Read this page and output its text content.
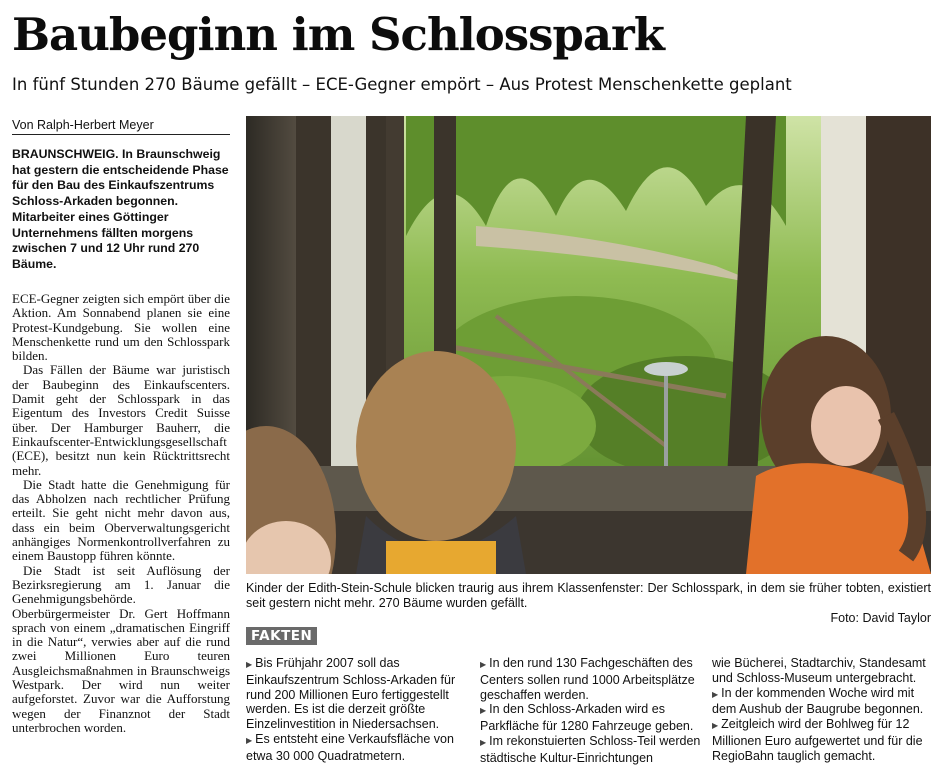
Baubeginn im Schlosspark
In fünf Stunden 270 Bäume gefällt – ECE-Gegner empört – Aus Protest Menschenkette geplant
Von Ralph-Herbert Meyer
BRAUNSCHWEIG. In Braunschweig hat gestern die entscheidende Phase für den Bau des Einkaufszentrums Schloss-Arkaden begonnen. Mitarbeiter eines Göttinger Unternehmens fällten morgens zwischen 7 und 12 Uhr rund 270 Bäume.

ECE-Gegner zeigten sich empört über die Aktion. Am Sonnabend planen sie eine Protest-Kundgebung. Sie wollen eine Menschenkette rund um den Schlosspark bilden.

Das Fällen der Bäume war juristisch der Baubeginn des Einkaufscenters. Damit geht der Schlosspark in das Eigentum des Investors Credit Suisse über. Der Hamburger Bauherr, die Einkaufscenter-Entwicklungsgesellschaft (ECE), besitzt nun kein Rücktrittsrecht mehr.

Die Stadt hatte die Genehmigung für das Abholzen nach rechtlicher Prüfung erteilt. Sie geht nicht mehr davon aus, dass ein beim Oberverwaltungsgericht anhängiges Normenkontrollverfahren zu einem Baustopp führen könnte.

Die Stadt ist seit Auflösung der Bezirksregierung am 1. Januar die Genehmigungsbehörde. Oberbürgermeister Dr. Gert Hoffmann sprach von einem „dramatischen Eingriff in die Natur“, verwies aber auf die rund zwei Millionen Euro teuren Ausgleichsmaßnahmen in Braunschweigs Westpark. Der wird nun weiter aufgeforstet. Zuvor war die Aufforstung wegen der Finanznot der Stadt unterbrochen worden.

Kinder der Edith-Stein-Schule blicken traurig aus ihrem Klassenfenster: Der Schlosspark, in dem sie früher tobten, existiert seit gestern nicht mehr. 270 Bäume wurden gefällt.
Foto: David Taylor
FAKTEN

▶ Bis Frühjahr 2007 soll das Einkaufszentrum Schloss-Arkaden für rund 200 Millionen Euro fertiggestellt werden. Es ist die derzeit größte Einzelinvestition in Niedersachsen.

▶ Es entsteht eine Verkaufsfläche von etwa 30 000 Quadratmetern.

▶ In den rund 130 Fachgeschäften des Centers sollen rund 1000 Arbeitsplätze geschaffen werden.

▶ In den Schloss-Arkaden wird es Parkfläche für 1280 Fahrzeuge geben.

▶ Im rekonstuierten Schloss-Teil werden städtische Kultur-Einrichtungen

wie Bücherei, Stadtarchiv, Standesamt und Schloss-Museum untergebracht.

▶ In der kommenden Woche wird mit dem Aushub der Baugrube begonnen.

▶ Zeitgleich wird der Bohlweg für 12 Millionen Euro aufgewertet und für die RegioBahn tauglich gemacht.
